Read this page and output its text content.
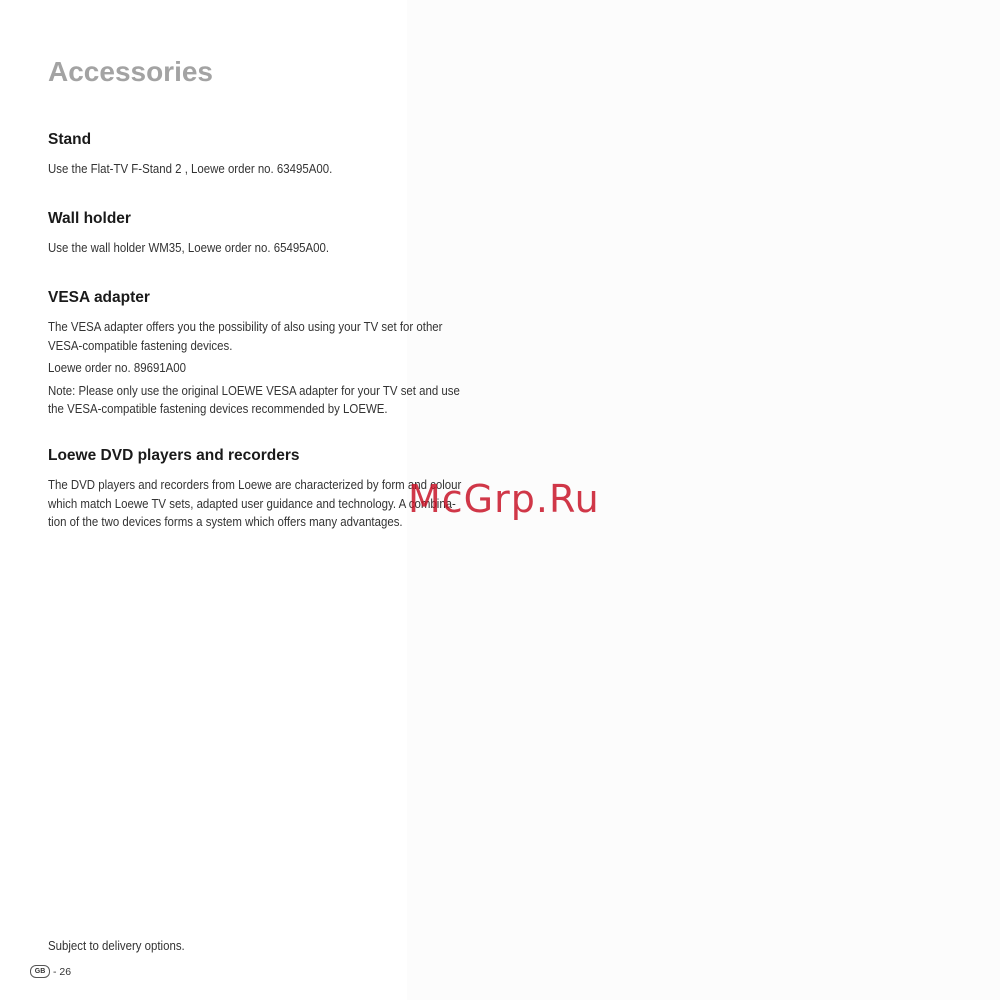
Accessories
Stand

Use the Flat-TV F-Stand 2 , Loewe order no. 63495A00.

Wall holder

Use the wall holder WM35, Loewe order no. 65495A00.

VESA adapter

The VESA adapter offers you the possibility of also using your TV set for other

VESA-compatible fastening devices.

Loewe order no. 89691A00

Note: Please only use the original LOEWE VESA adapter for your TV set and use

the VESA-compatible fastening devices recommended by LOEWE.

Loewe DVD players and recorders

The DVD players and recorders from Loewe are characterized by form and colour

which match Loewe TV sets, adapted user guidance and technology. A combina-

tion of the two devices forms a system which offers many advantages.

McGrp.Ru
Subject to delivery options.
GB - 26
